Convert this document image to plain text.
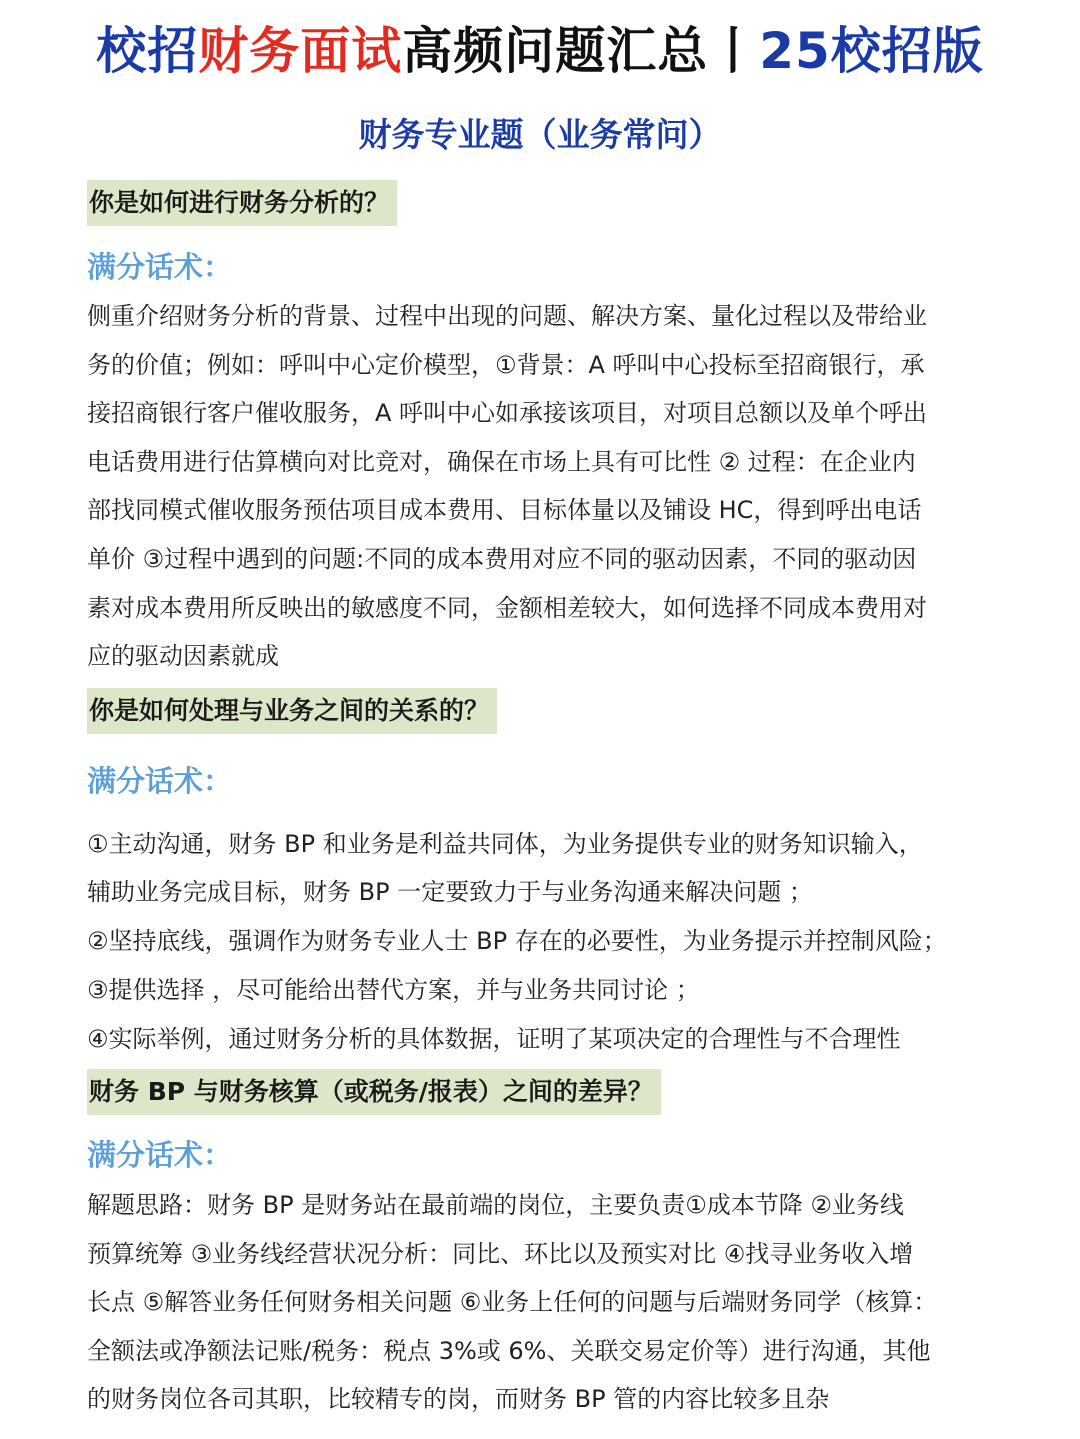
校招财务面试高频问题汇总丨25校招版
财务专业题（业务常问）
你是如何进行财务分析的？
满分话术：
侧重介绍财务分析的背景、过程中出现的问题、解决方案、量化过程以及带给业
务的价值；例如：呼叫中心定价模型，①背景：A 呼叫中心投标至招商银行，承
接招商银行客户催收服务，A 呼叫中心如承接该项目，对项目总额以及单个呼出
电话费用进行估算横向对比竞对，确保在市场上具有可比性 ② 过程：在企业内
部找同模式催收服务预估项目成本费用、目标体量以及铺设 HC，得到呼出电话
单价 ③过程中遇到的问题:不同的成本费用对应不同的驱动因素，不同的驱动因
素对成本费用所反映出的敏感度不同，金额相差较大，如何选择不同成本费用对
应的驱动因素就成
你是如何处理与业务之间的关系的？
满分话术：
①主动沟通，财务 BP 和业务是利益共同体，为业务提供专业的财务知识输入，
辅助业务完成目标，财务 BP 一定要致力于与业务沟通来解决问题 ；
②坚持底线，强调作为财务专业人士 BP 存在的必要性，为业务提示并控制风险；
③提供选择 ，尽可能给出替代方案，并与业务共同讨论 ；
④实际举例，通过财务分析的具体数据，证明了某项决定的合理性与不合理性
财务 BP 与财务核算（或税务/报表）之间的差异？
满分话术：
解题思路：财务 BP 是财务站在最前端的岗位，主要负责①成本节降 ②业务线
预算统筹 ③业务线经营状况分析：同比、环比以及预实对比 ④找寻业务收入增
长点 ⑤解答业务任何财务相关问题 ⑥业务上任何的问题与后端财务同学（核算：
全额法或净额法记账/税务：税点 3%或 6%、关联交易定价等）进行沟通，其他
的财务岗位各司其职，比较精专的岗，而财务 BP 管的内容比较多且杂
